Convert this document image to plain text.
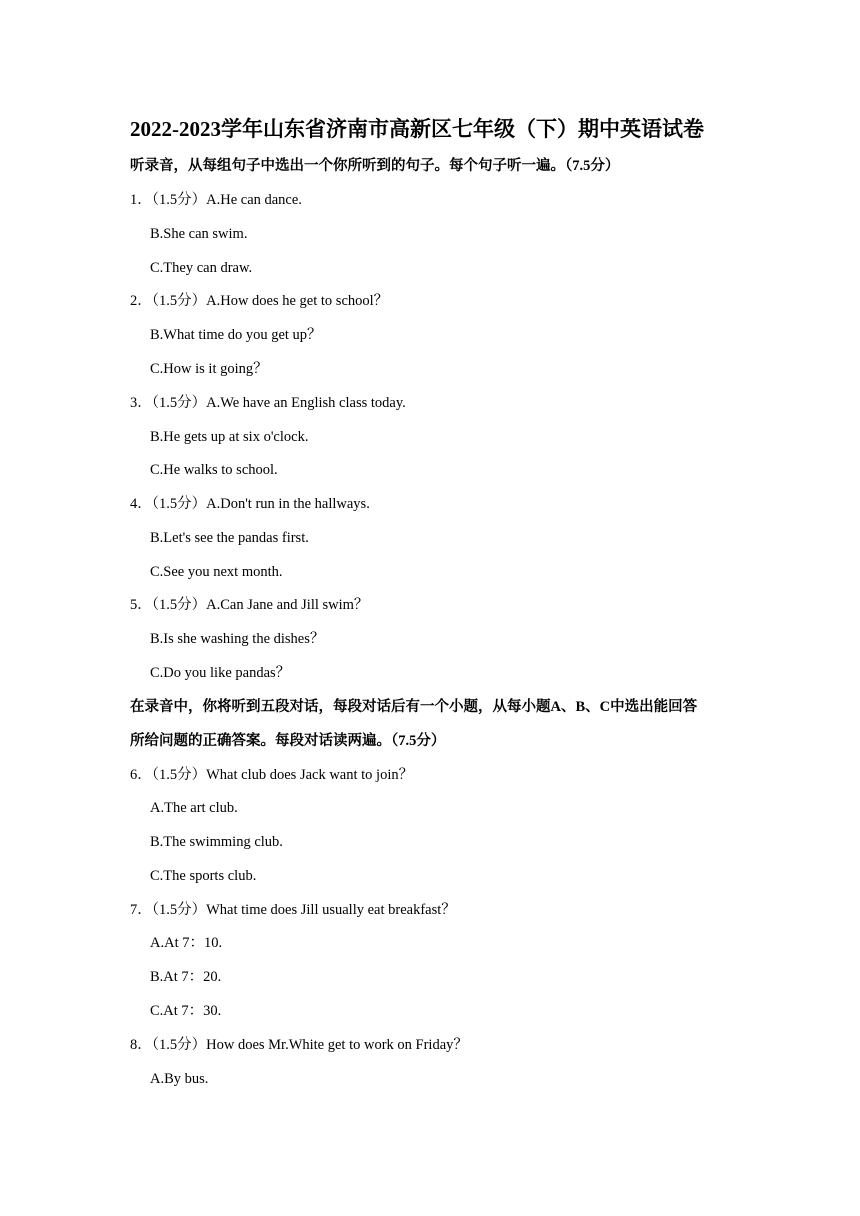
2022-2023学年山东省济南市高新区七年级（下）期中英语试卷
听录音，从每组句子中选出一个你所听到的句子。每个句子听一遍。（7.5分）
1．（1.5分）A.He can dance.
B.She can swim.
C.They can draw.
2．（1.5分）A.How does he get to school？
B.What time do you get up？
C.How is it going？
3．（1.5分）A.We have an English class today.
B.He gets up at six o'clock.
C.He walks to school.
4．（1.5分）A.Don't run in the hallways.
B.Let's see the pandas first.
C.See you next month.
5．（1.5分）A.Can Jane and Jill swim？
B.Is she washing the dishes？
C.Do you like pandas？
在录音中，你将听到五段对话，每段对话后有一个小题，从每小题A、B、C中选出能回答
所给问题的正确答案。每段对话读两遍。（7.5分）
6．（1.5分）What club does Jack want to join？
A.The art club.
B.The swimming club.
C.The sports club.
7．（1.5分）What time does Jill usually eat breakfast？
A.At 7：10.
B.At 7：20.
C.At 7：30.
8．（1.5分）How does Mr.White get to work on Friday？
A.By bus.
